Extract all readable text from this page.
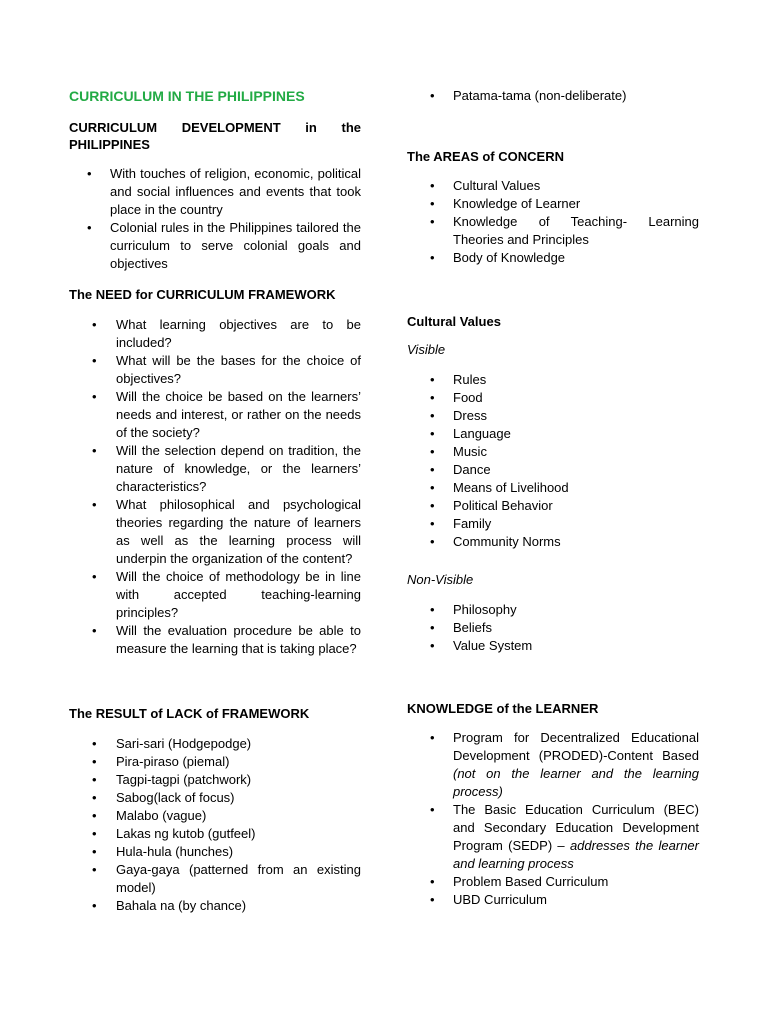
CURRICULUM IN THE PHILIPPINES
CURRICULUM DEVELOPMENT in the
PHILIPPINES
• With touches of religion, economic, political and social influences and events that took place in the country
• Colonial rules in the Philippines tailored the curriculum to serve colonial goals and objectives
The NEED for CURRICULUM FRAMEWORK
• What learning objectives are to be included?
• What will be the bases for the choice of objectives?
• Will the choice be based on the learners’ needs and interest, or rather on the needs of the society?
• Will the selection depend on tradition, the nature of knowledge, or the learners’ characteristics?
• What philosophical and psychological theories regarding the nature of learners as well as the learning process will underpin the organization of the content?
• Will the choice of methodology be in line with accepted teaching-learning principles?
• Will the evaluation procedure be able to measure the learning that is taking place?
The RESULT of LACK of FRAMEWORK
• Sari-sari (Hodgepodge)
• Pira-piraso (piemal)
• Tagpi-tagpi (patchwork)
• Sabog(lack of focus)
• Malabo (vague)
• Lakas ng kutob (gutfeel)
• Hula-hula (hunches)
• Gaya-gaya (patterned from an existing model)
• Bahala na (by chance)
• Patama-tama (non-deliberate)
The AREAS of CONCERN
• Cultural Values
• Knowledge of Learner
• Knowledge of Teaching- Learning Theories and Principles
• Body of Knowledge
Cultural Values
Visible
• Rules
• Food
• Dress
• Language
• Music
• Dance
• Means of Livelihood
• Political Behavior
• Family
• Community Norms
Non-Visible
• Philosophy
• Beliefs
• Value System
KNOWLEDGE of the LEARNER
• Program for Decentralized Educational Development (PRODED)-Content Based (not on the learner and the learning process)
• The Basic Education Curriculum (BEC) and Secondary Education Development Program (SEDP) – addresses the learner and learning process
• Problem Based Curriculum
• UBD Curriculum
